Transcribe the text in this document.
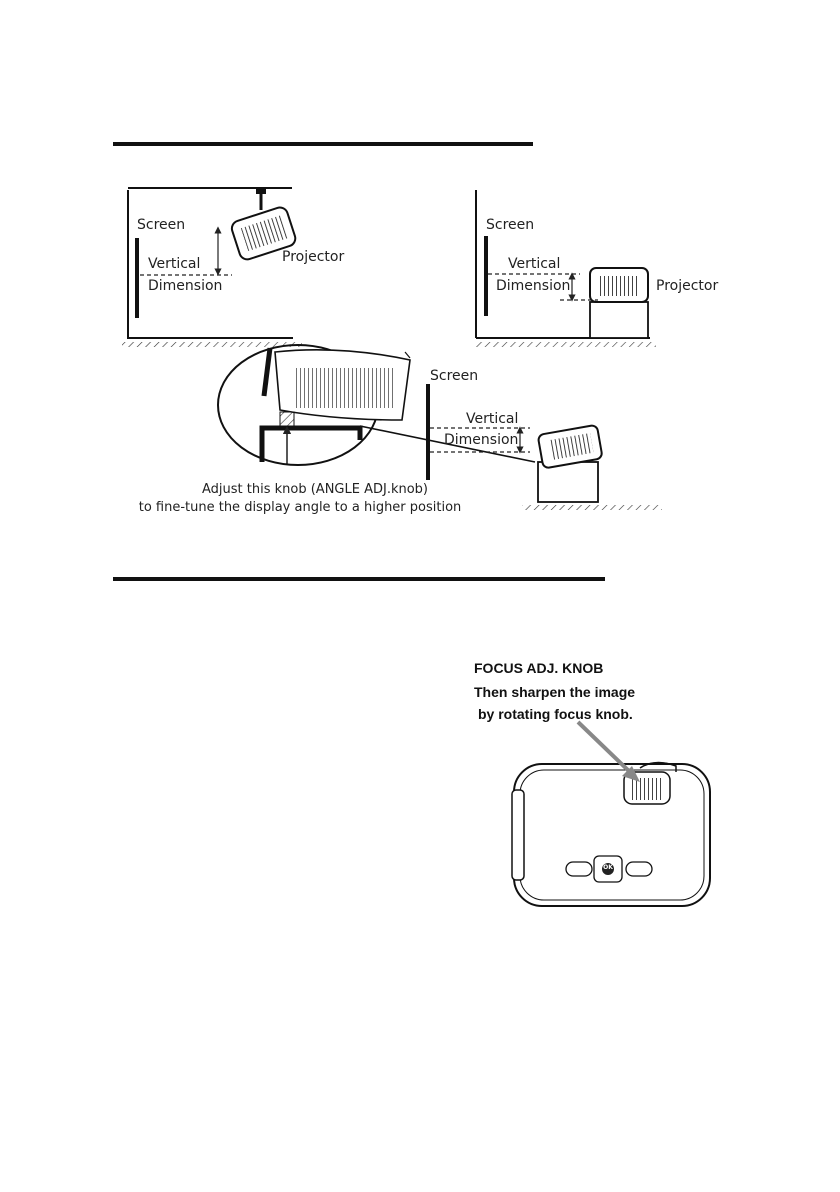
Screen
Vertical
Dimension
Projector
Screen
Vertical
Dimension	Projector
Screen
Vertical
Dimension
Adjust this knob (ANGLE ADJ.knob)
to fine-tune the display angle to a higher position
FOCUS ADJ. KNOB
Then sharpen the image
by rotating focus knob.
OK
